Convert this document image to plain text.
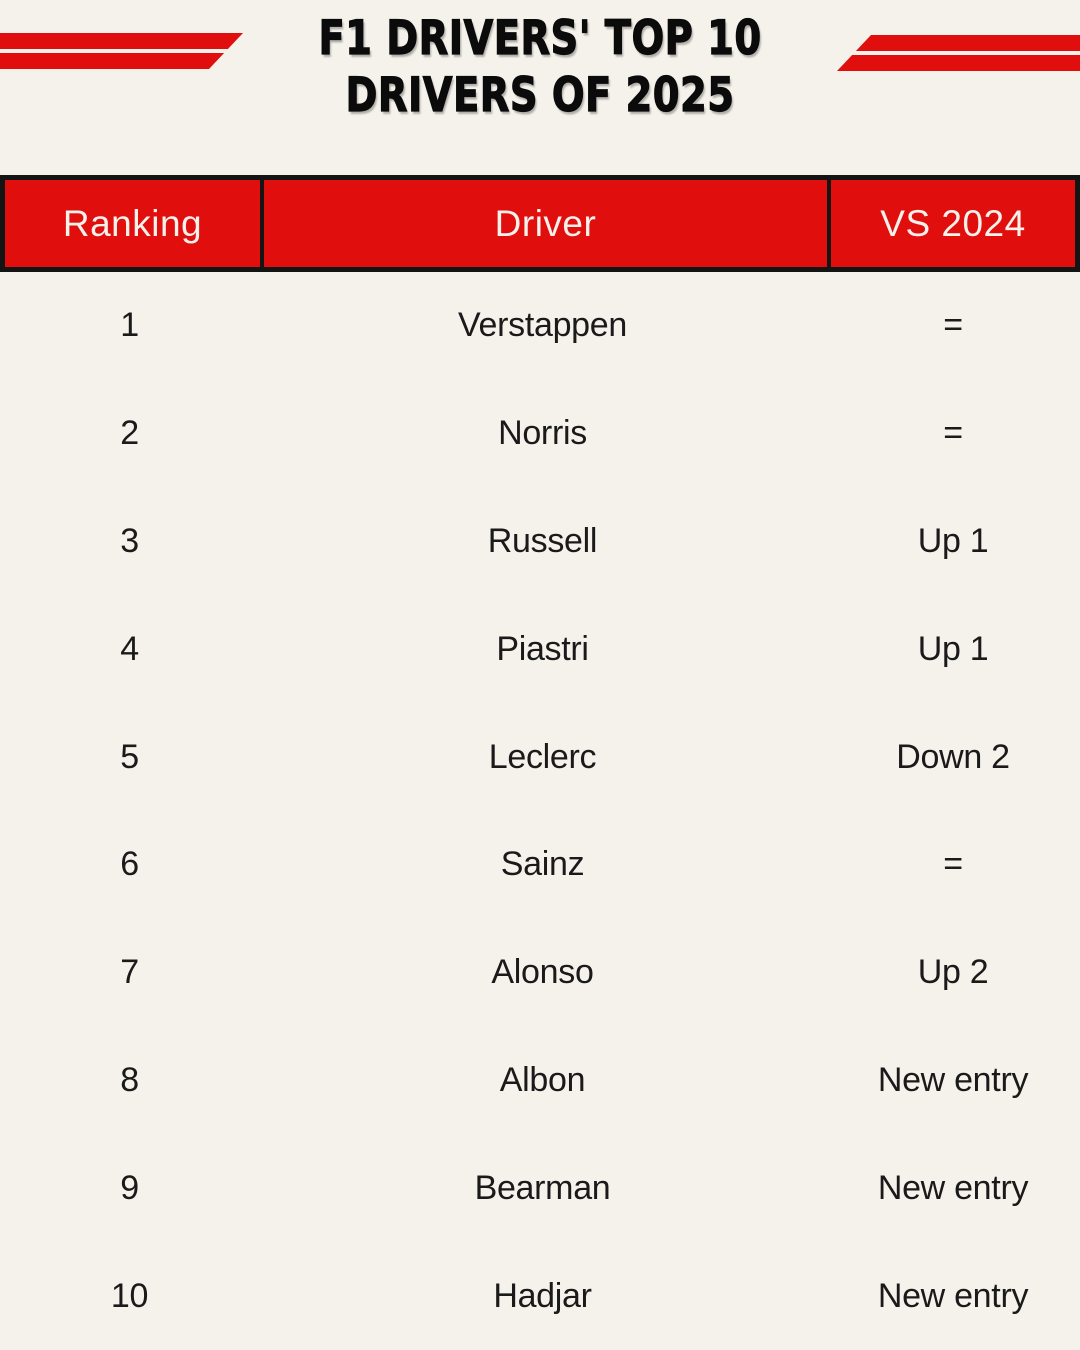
F1 DRIVERS' TOP 10
DRIVERS OF 2025
Ranking	Driver	VS 2024
1	Verstappen	=
2	Norris	=
3	Russell	Up 1
4	Piastri	Up 1
5	Leclerc	Down 2
6	Sainz	=
7	Alonso	Up 2
8	Albon	New entry
9	Bearman	New entry
10	Hadjar	New entry
